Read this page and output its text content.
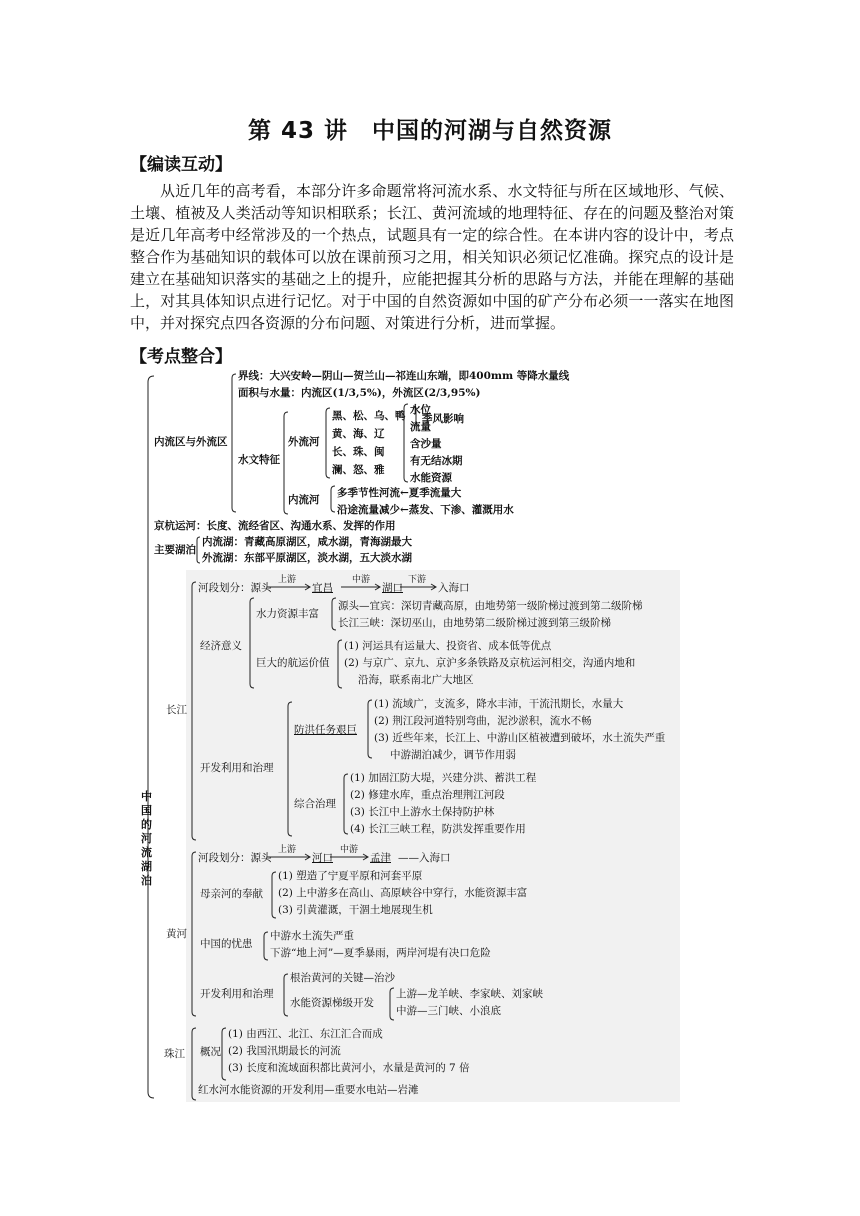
第 43 讲　中国的河湖与自然资源
【编读互动】

从近几年的高考看，本部分许多命题常将河流水系、水文特征与所在区域地形、气候、土壤、植被及人类活动等知识相联系；长江、黄河流域的地理特征、存在的问题及整治对策是近几年高考中经常涉及的一个热点，试题具有一定的综合性。在本讲内容的设计中，考点整合作为基础知识的载体可以放在课前预习之用，相关知识必须记忆准确。探究点的设计是建立在基础知识落实的基础之上的提升，应能把握其分析的思路与方法，并能在理解的基础上，对其具体知识点进行记忆。对于中国的自然资源如中国的矿产分布必须一一落实在地图中，并对探究点四各资源的分布问题、对策进行分析，进而掌握。

【考点整合】
中
国
的
河
流
湖
泊
内流区与外流区
界线：大兴安岭—阴山—贺兰山—祁连山东端，即400mm 等降水量线
面积与水量：内流区(1/3,5%)，外流区(2/3,95%)
水文特征
外流河
黑、松、乌、鸭
黄、海、辽
长、珠、闽
澜、怒、雅
水位
流量
含沙量
有无结冰期
水能资源
季风影响
内流河
多季节性河流←夏季流量大
沿途流量减少←蒸发、下渗、灌溉用水
京杭运河：长度、流经省区、沟通水系、发挥的作用
主要湖泊
内流湖：青藏高原湖区，咸水湖，青海湖最大
外流湖：东部平原湖区，淡水湖，五大淡水湖
长江
河段划分：源头
上游
宜昌
中游
湖口
下游
入海口
经济意义
水力资源丰富
源头—宜宾：深切青藏高原，由地势第一级阶梯过渡到第二级阶梯
长江三峡：深切巫山，由地势第二级阶梯过渡到第三级阶梯
巨大的航运价值
(1) 河运具有运量大、投资省、成本低等优点
(2) 与京广、京九、京沪多条铁路及京杭运河相交，沟通内地和
沿海，联系南北广大地区
开发利用和治理
防洪任务艰巨
(1) 流域广，支流多，降水丰沛，干流汛期长，水量大
(2) 荆江段河道特别弯曲，泥沙淤积，流水不畅
(3) 近些年来，长江上、中游山区植被遭到破坏，水土流失严重
中游湖泊减少，调节作用弱
综合治理
(1) 加固江防大堤，兴建分洪、蓄洪工程
(2) 修建水库，重点治理荆江河段
(3) 长江中上游水土保持防护林
(4) 长江三峡工程，防洪发挥重要作用
黄河
河段划分：源头
上游
河口
中游
孟津 ——入海口
母亲河的奉献
(1) 塑造了宁夏平原和河套平原
(2) 上中游多在高山、高原峡谷中穿行，水能资源丰富
(3) 引黄灌溉，干涸土地展现生机
中国的忧患
中游水土流失严重
下游“地上河”—夏季暴雨，两岸河堤有决口危险
开发利用和治理
根治黄河的关键—治沙
水能资源梯级开发
上游—龙羊峡、李家峡、刘家峡
中游—三门峡、小浪底
珠江 概况
(1) 由西江、北江、东江汇合而成
(2) 我国汛期最长的河流
(3) 长度和流域面积都比黄河小，水量是黄河的 7 倍
红水河水能资源的开发利用—重要水电站—岩滩
